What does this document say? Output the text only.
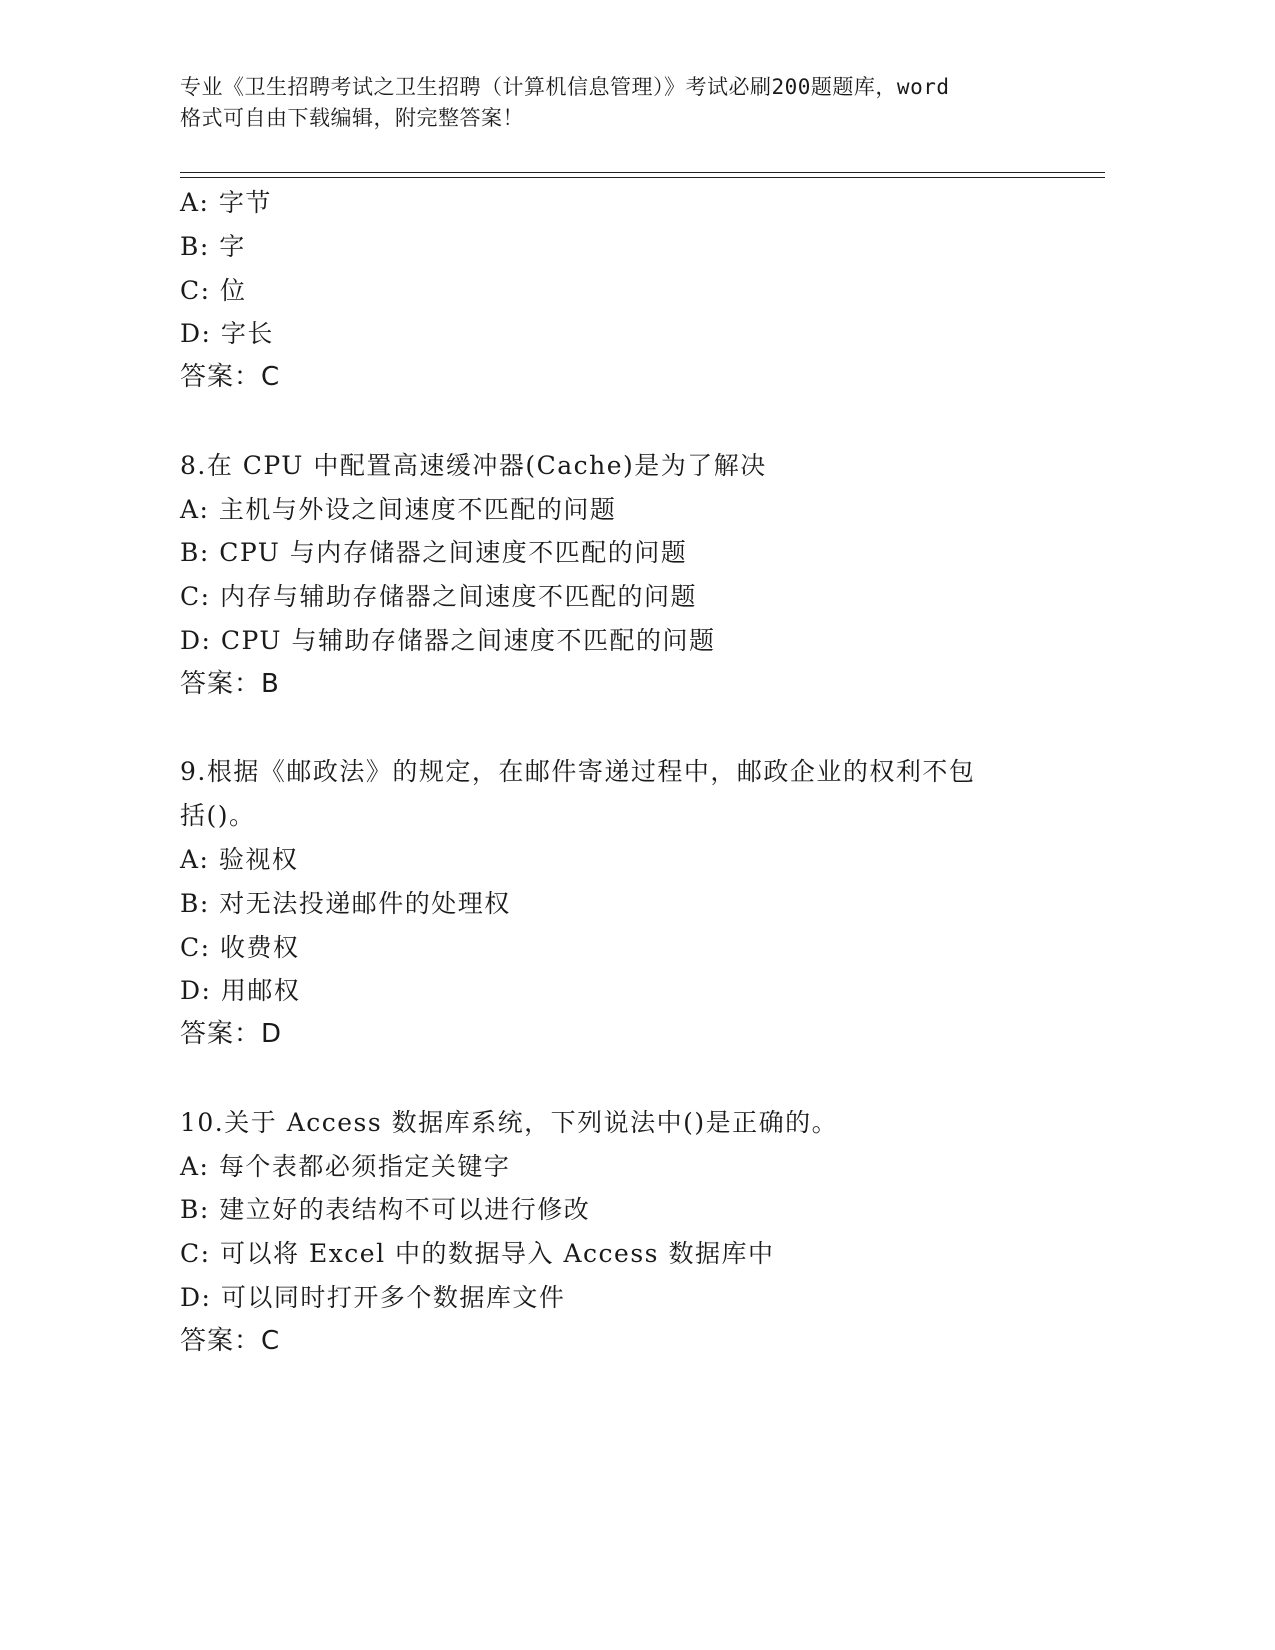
专业《卫生招聘考试之卫生招聘（计算机信息管理）》考试必刷200题题库，word
格式可自由下载编辑，附完整答案！
A: 字节
B: 字
C: 位
D: 字长
答案：C
8.在 CPU 中配置高速缓冲器(Cache)是为了解决
A: 主机与外设之间速度不匹配的问题
B: CPU 与内存储器之间速度不匹配的问题
C: 内存与辅助存储器之间速度不匹配的问题
D: CPU 与辅助存储器之间速度不匹配的问题
答案：B
9.根据《邮政法》的规定，在邮件寄递过程中，邮政企业的权利不包
括()。
A: 验视权
B: 对无法投递邮件的处理权
C: 收费权
D: 用邮权
答案：D
10.关于 Access 数据库系统，下列说法中()是正确的。
A: 每个表都必须指定关键字
B: 建立好的表结构不可以进行修改
C: 可以将 Excel 中的数据导入 Access 数据库中
D: 可以同时打开多个数据库文件
答案：C
